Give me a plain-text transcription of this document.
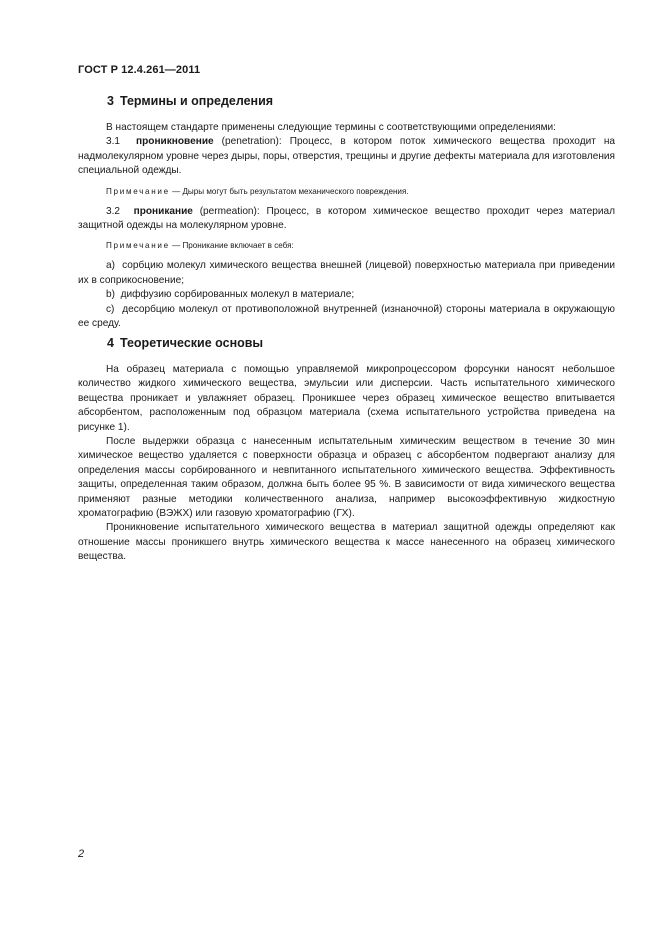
ГОСТ Р 12.4.261—2011
3 Термины и определения

В настоящем стандарте применены следующие термины с соответствующими определениями:

3.1 проникновение (penetration): Процесс, в котором поток химического вещества проходит на надмолекулярном уровне через дыры, поры, отверстия, трещины и другие дефекты материала для изготовления специальной одежды.

Примечание — Дыры могут быть результатом механического повреждения.

3.2 проникание (permeation): Процесс, в котором химическое вещество проходит через материал защитной одежды на молекулярном уровне.

Примечание — Проникание включает в себя:

a) сорбцию молекул химического вещества внешней (лицевой) поверхностью материала при приведении их в соприкосновение;

b) диффузию сорбированных молекул в материале;

c) десорбцию молекул от противоположной внутренней (изнаночной) стороны материала в окружающую ее среду.

4 Теоретические основы

На образец материала с помощью управляемой микропроцессором форсунки наносят небольшое количество жидкого химического вещества, эмульсии или дисперсии. Часть испытательного химического вещества проникает и увлажняет образец. Проникшее через образец химическое вещество впитывается абсорбентом, расположенным под образцом материала (схема испытательного устройства приведена на рисунке 1).

После выдержки образца с нанесенным испытательным химическим веществом в течение 30 мин химическое вещество удаляется с поверхности образца и образец с абсорбентом подвергают анализу для определения массы сорбированного и невпитанного испытательного химического вещества. Эффективность защиты, определенная таким образом, должна быть более 95 %. В зависимости от вида химического вещества применяют разные методики количественного анализа, например высокоэффективную жидкостную хроматографию (ВЭЖХ) или газовую хроматографию (ГХ).

Проникновение испытательного химического вещества в материал защитной одежды определяют как отношение массы проникшего внутрь химического вещества к массе нанесенного на образец химического вещества.

2
